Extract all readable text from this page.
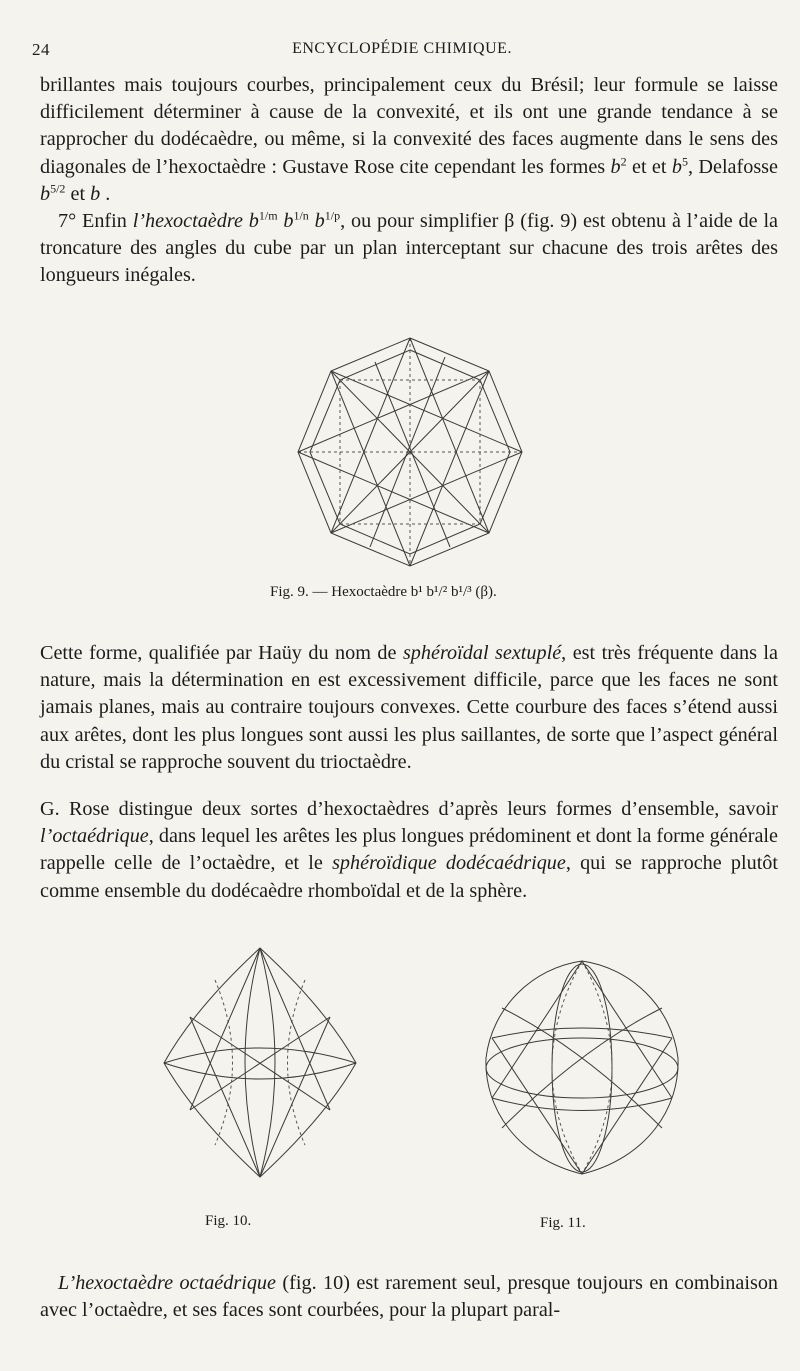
24	ENCYCLOPÉDIE CHIMIQUE.

brillantes mais toujours courbes, principalement ceux du Brésil; leur formule se laisse difficilement déterminer à cause de la convexité, et ils ont une grande tendance à se rapprocher du dodécaèdre, ou même, si la convexité des faces augmente dans le sens des diagonales de l’hexoctaèdre : Gustave Rose cite cependant les formes $b^2$ et et $b^5$, Delafosse $b^{5/2}$ et b .

7° Enfin l’hexoctaèdre $b^{1/m}$ $b^{1/n}$ $b^{1/p}$, ou pour simplifier β (fig. 9) est obtenu à l’aide de la troncature des angles du cube par un plan interceptant sur chacune des trois arêtes des longueurs inégales.

Fig. 9. — Hexoctaèdre b¹ b¹/² b¹/³ (β).

Cette forme, qualifiée par Haüy du nom de sphéroïdal sextuplé, est très fréquente dans la nature, mais la détermination en est excessivement difficile, parce que les faces ne sont jamais planes, mais au contraire toujours convexes. Cette courbure des faces s’étend aussi aux arêtes, dont les plus longues sont aussi les plus saillantes, de sorte que l’aspect général du cristal se rapproche souvent du trioctaèdre.

G. Rose distingue deux sortes d’hexoctaèdres d’après leurs formes d’ensemble, savoir l’octaédrique, dans lequel les arêtes les plus longues prédominent et dont la forme générale rappelle celle de l’octaèdre, et le sphéroïdique dodécaédrique, qui se rapproche plutôt comme ensemble du dodécaèdre rhomboïdal et de la sphère.

Fig. 10.	Fig. 11.

L’hexoctaèdre octaédrique (fig. 10) est rarement seul, presque toujours en combinaison avec l’octaèdre, et ses faces sont courbées, pour la plupart paral-
